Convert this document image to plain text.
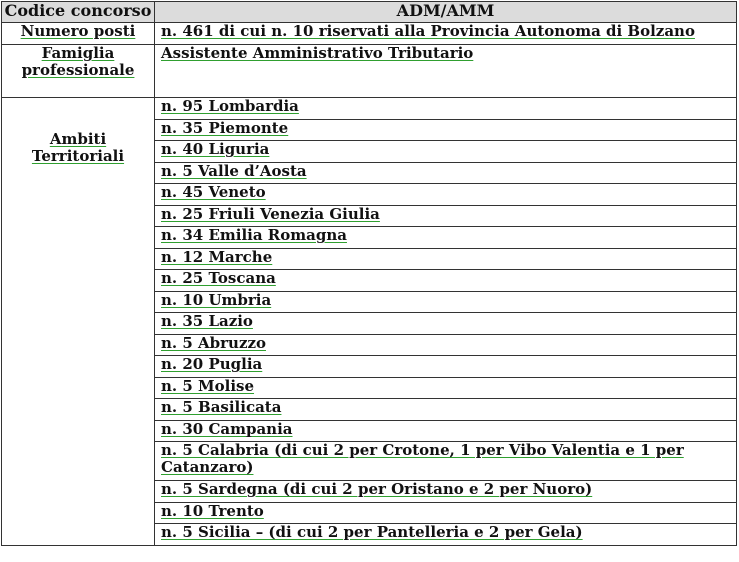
Codice concorso	ADM/AMM
Numero posti	n. 461 di cui n. 10 riservati alla Provincia Autonoma di Bolzano
Famiglia professionale	Assistente Amministrativo Tributario
Ambiti Territoriali	n. 95 Lombardia
	n. 35 Piemonte
	n. 40 Liguria
	n. 5 Valle d’Aosta
	n. 45 Veneto
	n. 25 Friuli Venezia Giulia
	n. 34 Emilia Romagna
	n. 12 Marche
	n. 25 Toscana
	n. 10 Umbria
	n. 35 Lazio
	n. 5 Abruzzo
	n. 20 Puglia
	n. 5 Molise
	n. 5 Basilicata
	n. 30 Campania
	n. 5 Calabria (di cui 2 per Crotone, 1 per Vibo Valentia e 1 per Catanzaro)
	n. 5 Sardegna (di cui 2 per Oristano e 2 per Nuoro)
	n. 10 Trento
	n. 5 Sicilia – (di cui 2 per Pantelleria e 2 per Gela)
